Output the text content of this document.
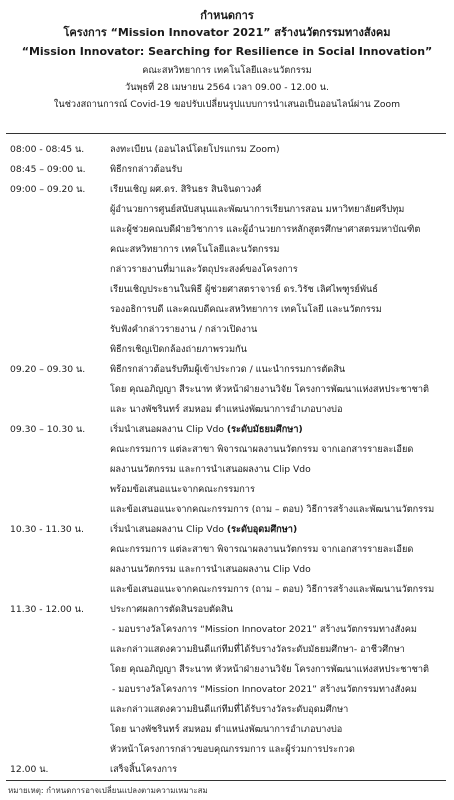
กำหนดการ
โครงการ “Mission Innovator 2021” สร้างนวัตกรรมทางสังคม
“Mission Innovator: Searching for Resilience in Social Innovation”
คณะสหวิทยาการ เทคโนโลยีและนวัตกรรม
วันพุธที่ 28 เมษายน 2564 เวลา 09.00 - 12.00 น.
ในช่วงสถานการณ์ Covid-19 ขอปรับเปลี่ยนรูปแบบการนำเสนอเป็นออนไลน์ผ่าน Zoom
08:00 - 08:45 น.	ลงทะเบียน (ออนไลน์โดยโปรแกรม Zoom)
08:45 – 09:00 น.	พิธีกรกล่าวต้อนรับ
09:00 – 09.20 น.	เรียนเชิญ ผศ.ดร. สิรินธร สินจินดาวงศ์
ผู้อำนวยการศูนย์สนับสนุนและพัฒนาการเรียนการสอน มหาวิทยาลัยศรีปทุม
และผู้ช่วยคณบดีฝ่ายวิชาการ และผู้อำนวยการหลักสูตรศึกษาศาสตรมหาบัณฑิต
คณะสหวิทยาการ เทคโนโลยีและนวัตกรรม
กล่าวรายงานที่มาและวัตถุประสงค์ของโครงการ
เรียนเชิญประธานในพิธี ผู้ช่วยศาสตราจารย์ ดร.วิรัช เลิศไพฑูรย์พันธ์
รองอธิการบดี และคณบดีคณะสหวิทยาการ เทคโนโลยี และนวัตกรรม
รับฟังคำกล่าวรายงาน / กล่าวเปิดงาน
พิธีกรเชิญเปิดกล้องถ่ายภาพรวมกัน
09.20 – 09.30 น.	พิธีกรกล่าวต้อนรับทีมผู้เข้าประกวด / แนะนำกรรมการตัดสิน
โดย คุณอภิญญา สีระนาท หัวหน้าฝ่ายงานวิจัย โครงการพัฒนาแห่งสหประชาชาติ
และ นางพัชรินทร์ สมหอม ตำแหน่งพัฒนาการอำเภอบางบ่อ
09.30 – 10.30 น.	เริ่มนำเสนอผลงาน Clip Vdo (ระดับมัธยมศึกษา)
คณะกรรมการ แต่ละสาขา พิจารณาผลงานนวัตกรรม จากเอกสารรายละเอียด
ผลงานนวัตกรรม และการนำเสนอผลงาน Clip Vdo
พร้อมข้อเสนอแนะจากคณะกรรมการ
และข้อเสนอแนะจากคณะกรรมการ (ถาม – ตอบ) วิธีการสร้างและพัฒนานวัตกรรม
10.30 - 11.30 น.	เริ่มนำเสนอผลงาน Clip Vdo (ระดับอุดมศึกษา)
คณะกรรมการ แต่ละสาขา พิจารณาผลงานนวัตกรรม จากเอกสารรายละเอียด
ผลงานนวัตกรรม และการนำเสนอผลงาน Clip Vdo
และข้อเสนอแนะจากคณะกรรมการ (ถาม – ตอบ) วิธีการสร้างและพัฒนานวัตกรรม
11.30 - 12.00 น.	ประกาศผลการตัดสินรอบตัดสิน
- มอบรางวัลโครงการ “Mission Innovator 2021” สร้างนวัตกรรมทางสังคม
และกล่าวแสดงความยินดีแก่ทีมที่ได้รับรางวัลระดับมัธยมศึกษา- อาชีวศึกษา
โดย คุณอภิญญา สีระนาท หัวหน้าฝ่ายงานวิจัย โครงการพัฒนาแห่งสหประชาชาติ
- มอบรางวัลโครงการ “Mission Innovator 2021” สร้างนวัตกรรมทางสังคม
และกล่าวแสดงความยินดีแก่ทีมที่ได้รับรางวัลระดับอุดมศึกษา
โดย นางพัชรินทร์ สมหอม ตำแหน่งพัฒนาการอำเภอบางบ่อ
หัวหน้าโครงการกล่าวขอบคุณกรรมการ และผู้ร่วมการประกวด
12.00 น.	เสร็จสิ้นโครงการ
หมายเหตุ: กำหนดการอาจเปลี่ยนแปลงตามความเหมาะสม
